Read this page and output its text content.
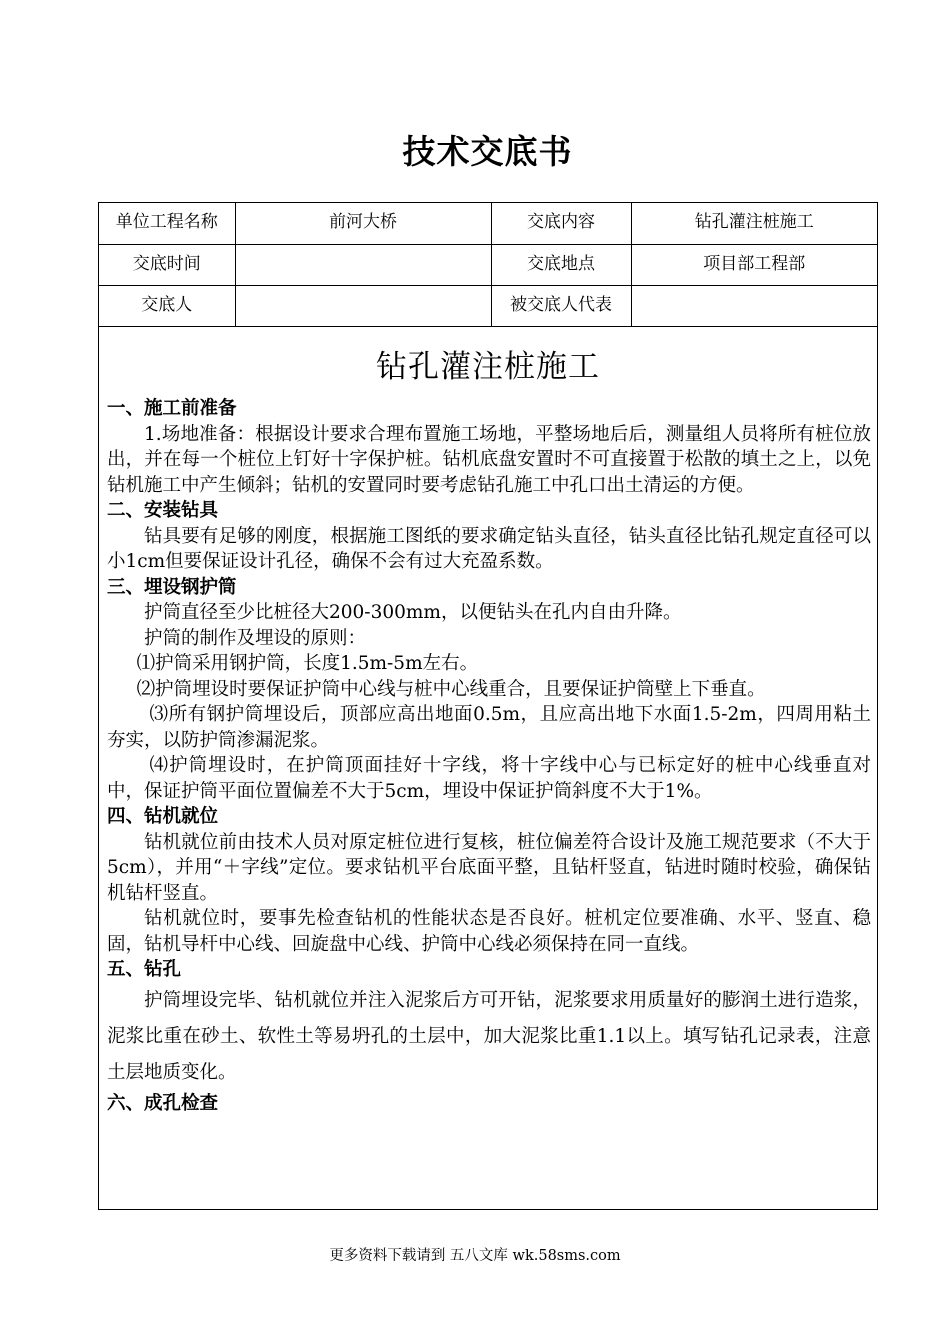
技术交底书
单位工程名称	前河大桥	交底内容	钻孔灌注桩施工
交底时间		交底地点	项目部工程部
交底人		被交底人代表	
钻孔灌注桩施工
一、施工前准备

1.场地准备：根据设计要求合理布置施工场地，平整场地后后，测量组人员将所有桩位放出，并在每一个桩位上钉好十字保护桩。钻机底盘安置时不可直接置于松散的填土之上，以免钻机施工中产生倾斜；钻机的安置同时要考虑钻孔施工中孔口出土清运的方便。

二、安装钻具

钻具要有足够的刚度，根据施工图纸的要求确定钻头直径，钻头直径比钻孔规定直径可以小1cm但要保证设计孔径，确保不会有过大充盈系数。

三、埋设钢护筒

护筒直径至少比桩径大200-300mm，以便钻头在孔内自由升降。

护筒的制作及埋设的原则：

⑴护筒采用钢护筒，长度1.5m-5m左右。

⑵护筒埋设时要保证护筒中心线与桩中心线重合，且要保证护筒壁上下垂直。

⑶所有钢护筒埋设后，顶部应高出地面0.5m，且应高出地下水面1.5-2m，四周用粘土夯实，以防护筒渗漏泥浆。

⑷护筒埋设时，在护筒顶面挂好十字线，将十字线中心与已标定好的桩中心线垂直对中，保证护筒平面位置偏差不大于5cm，埋设中保证护筒斜度不大于1%。

四、钻机就位

钻机就位前由技术人员对原定桩位进行复核，桩位偏差符合设计及施工规范要求（不大于5cm），并用“＋字线”定位。要求钻机平台底面平整，且钻杆竖直，钻进时随时校验，确保钻机钻杆竖直。

钻机就位时，要事先检查钻机的性能状态是否良好。桩机定位要准确、水平、竖直、稳固，钻机导杆中心线、回旋盘中心线、护筒中心线必须保持在同一直线。

五、钻孔

护筒埋设完毕、钻机就位并注入泥浆后方可开钻，泥浆要求用质量好的膨润土进行造浆，泥浆比重在砂土、软性土等易坍孔的土层中，加大泥浆比重1.1以上。填写钻孔记录表，注意土层地质变化。

六、成孔检查
更多资料下载请到 五八文库 wk.58sms.com
